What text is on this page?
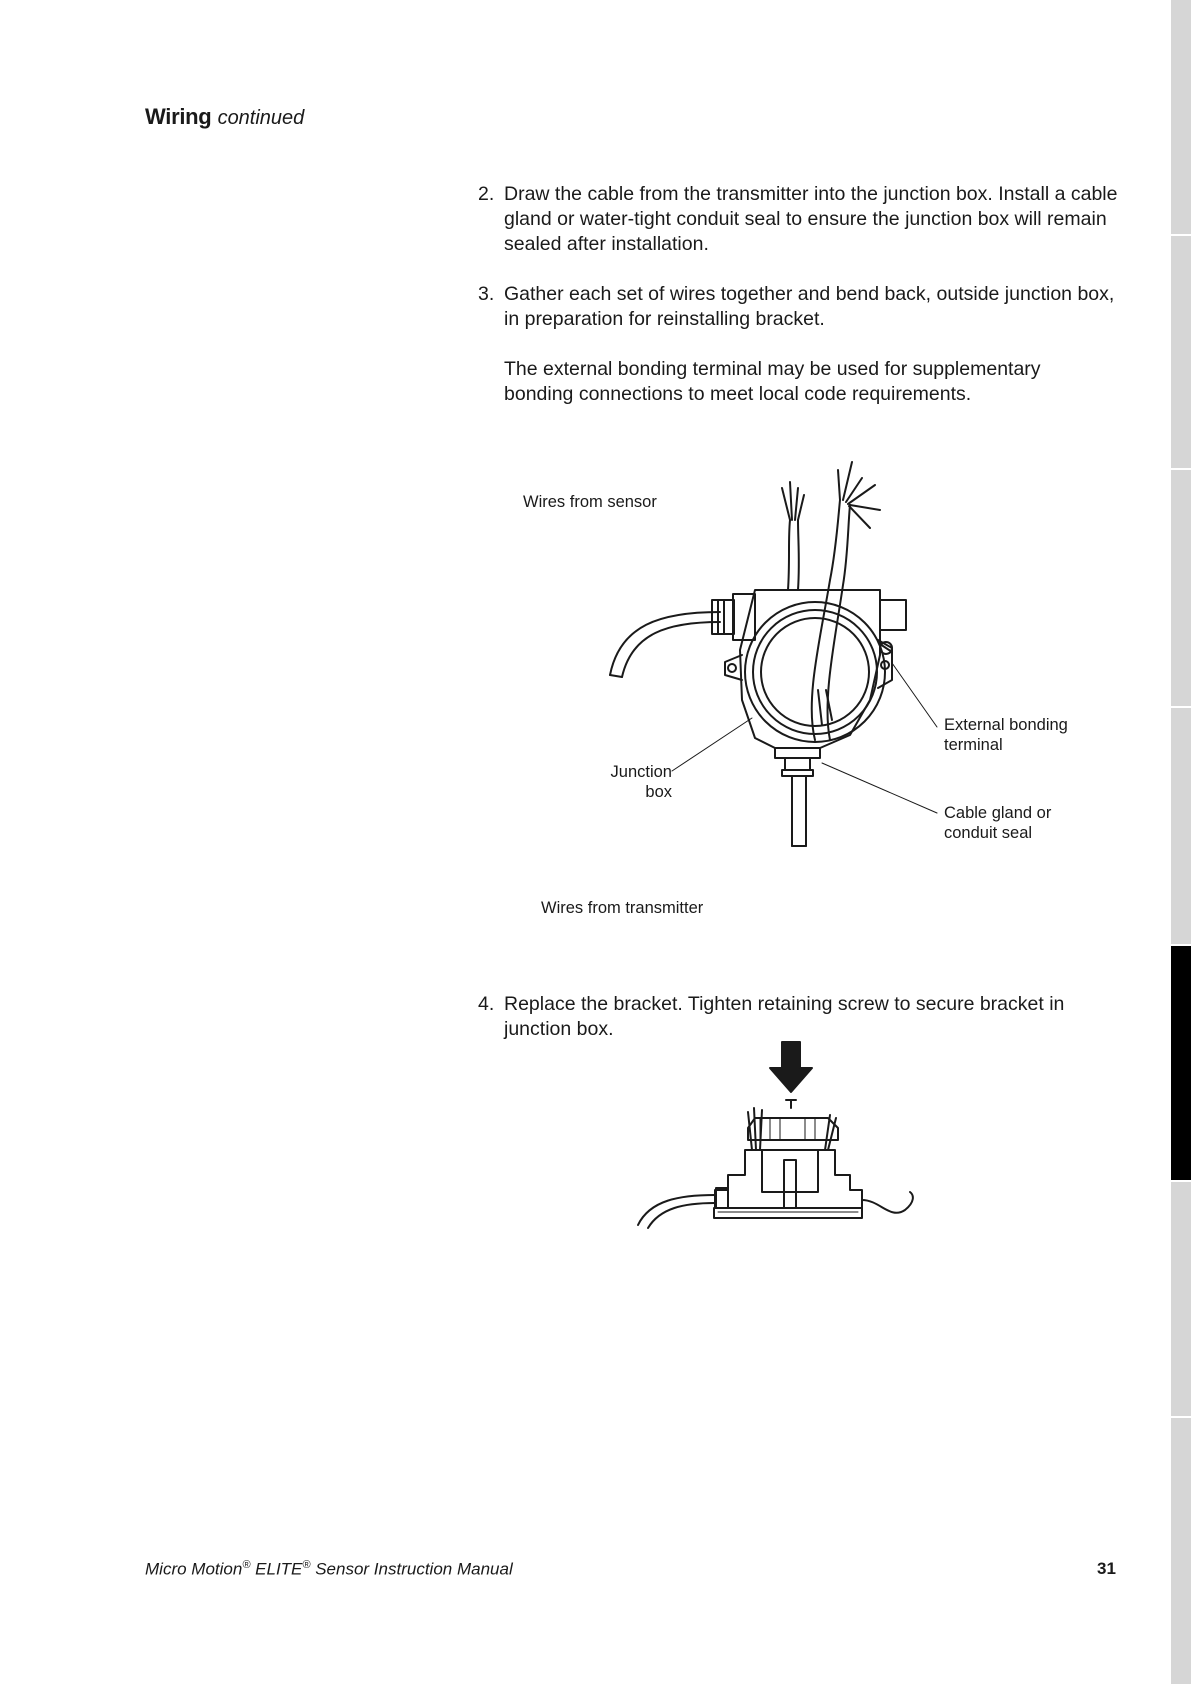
Wiring continued
2. Draw the cable from the transmitter into the junction box. Install a cable gland or water-tight conduit seal to ensure the junction box will remain sealed after installation.
3. Gather each set of wires together and bend back, outside junction box, in preparation for reinstalling bracket.
The external bonding terminal may be used for supplementary bonding connections to meet local code requirements.
Wires from sensor
External bonding
terminal
Junction
box
Cable gland or
conduit seal
Wires from transmitter
4. Replace the bracket. Tighten retaining screw to secure bracket in junction box.
Micro Motion® ELITE® Sensor Instruction Manual	31
